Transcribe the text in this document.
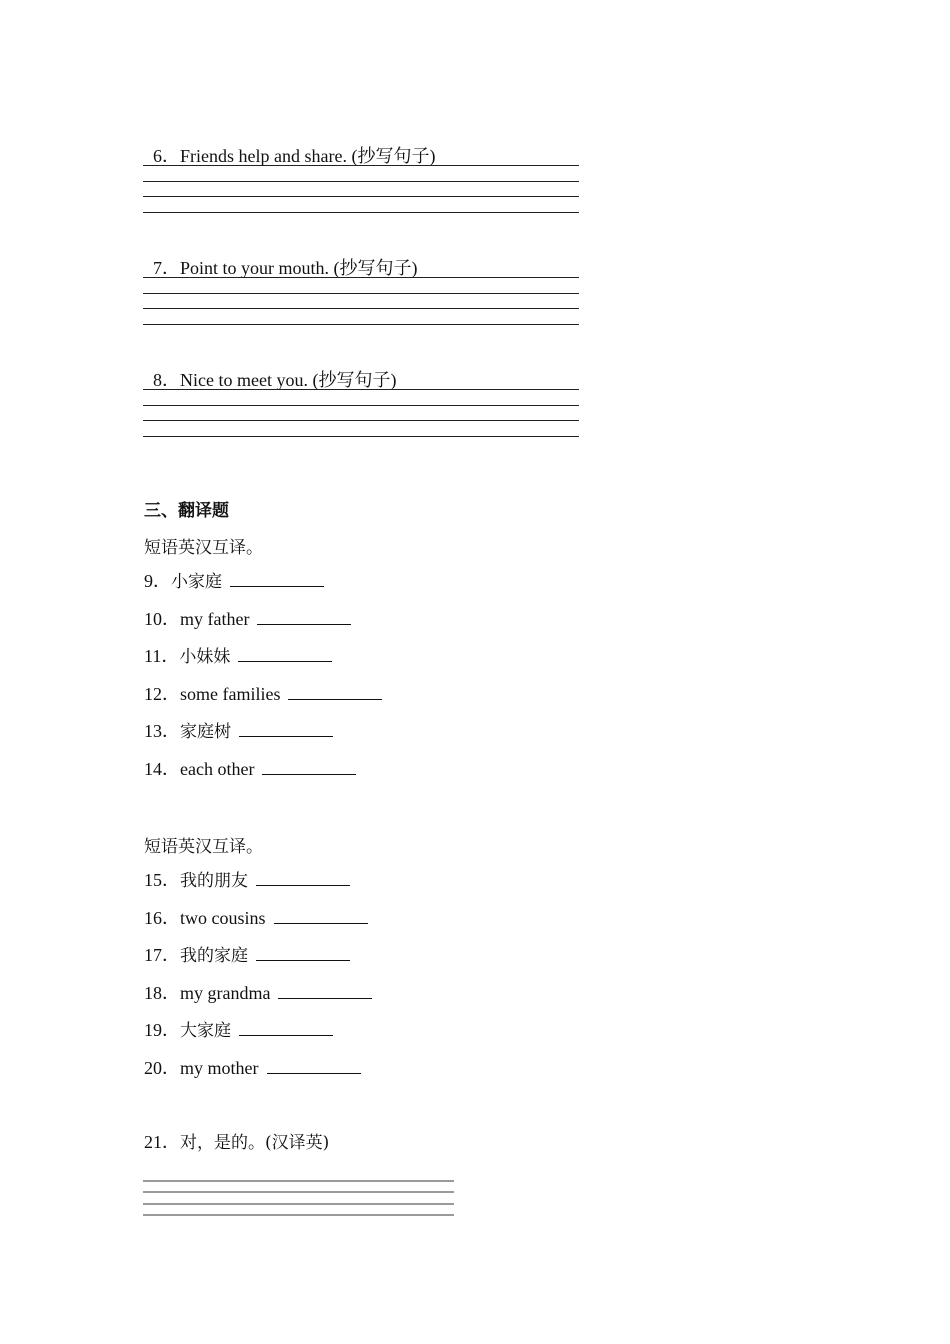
6．Friends help and share. (抄写句子)

7．Point to your mouth. (抄写句子)

8．Nice to meet you. (抄写句子)

三、翻译题
短语英汉互译。
9．小家庭
10．my father
11．小妹妹
12．some families
13．家庭树
14．each other
短语英汉互译。
15．我的朋友
16．two cousins
17．我的家庭
18．my grandma
19．大家庭
20．my mother
21．对，是的。(汉译英)
